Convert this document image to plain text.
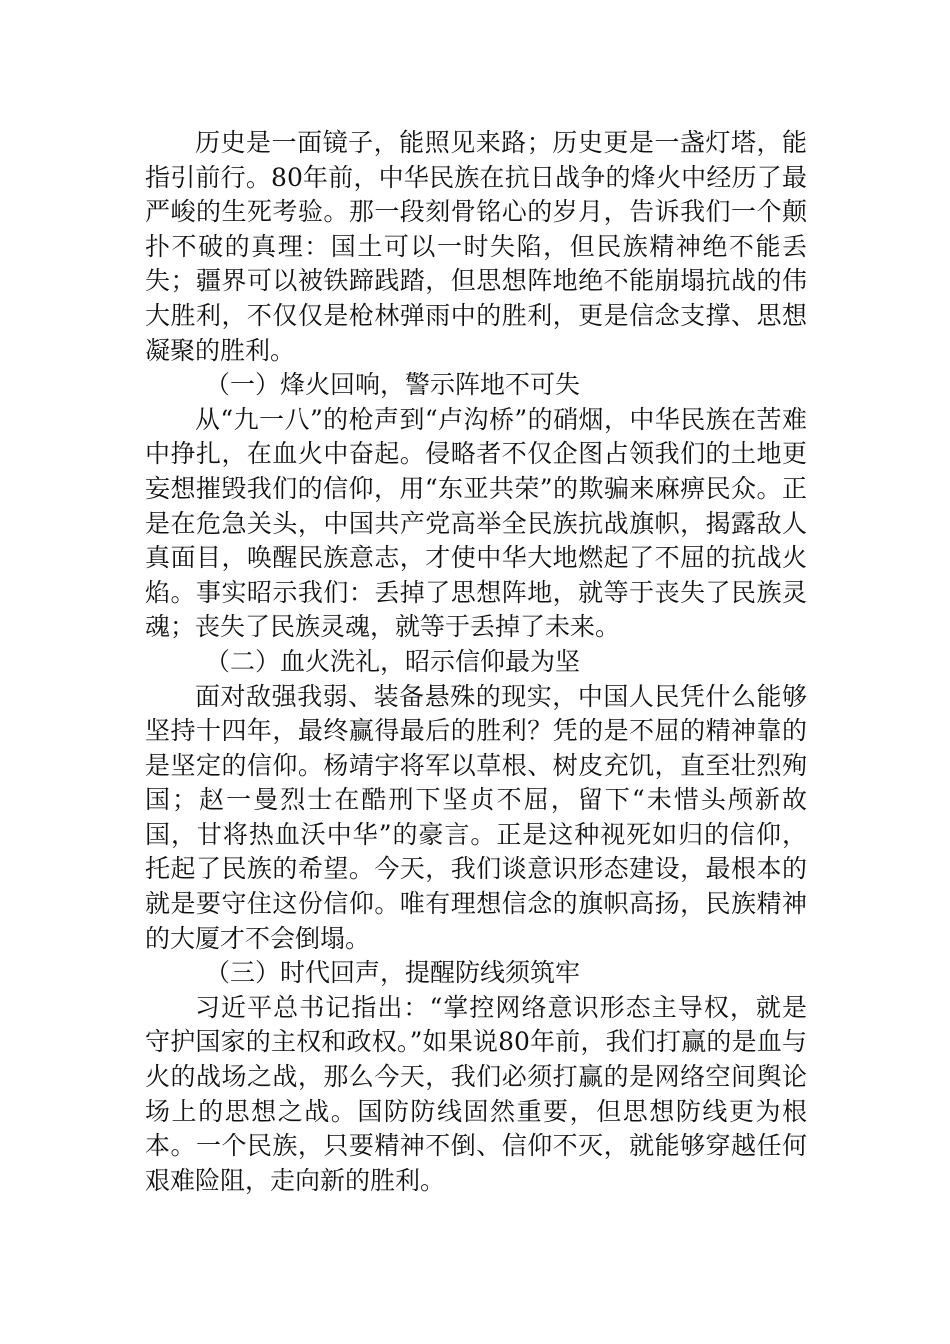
历史是一面镜子，能照见来路；历史更是一盏灯塔，能指引前行。80年前，中华民族在抗日战争的烽火中经历了最严峻的生死考验。那一段刻骨铭心的岁月，告诉我们一个颠扑不破的真理：国土可以一时失陷，但民族精神绝不能丢失；疆界可以被铁蹄践踏，但思想阵地绝不能崩塌抗战的伟大胜利，不仅仅是枪林弹雨中的胜利，更是信念支撑、思想凝聚的胜利。

（一）烽火回响，警示阵地不可失

从“九一八”的枪声到“卢沟桥”的硝烟，中华民族在苦难中挣扎，在血火中奋起。侵略者不仅企图占领我们的土地更妄想摧毁我们的信仰，用“东亚共荣”的欺骗来麻痹民众。正是在危急关头，中国共产党高举全民族抗战旗帜，揭露敌人真面目，唤醒民族意志，才使中华大地燃起了不屈的抗战火焰。事实昭示我们：丢掉了思想阵地，就等于丧失了民族灵魂；丧失了民族灵魂，就等于丢掉了未来。

（二）血火洗礼，昭示信仰最为坚

面对敌强我弱、装备悬殊的现实，中国人民凭什么能够坚持十四年，最终赢得最后的胜利？凭的是不屈的精神靠的是坚定的信仰。杨靖宇将军以草根、树皮充饥，直至壮烈殉国；赵一曼烈士在酷刑下坚贞不屈，留下“未惜头颅新故国，甘将热血沃中华”的豪言。正是这种视死如归的信仰，托起了民族的希望。今天，我们谈意识形态建设，最根本的就是要守住这份信仰。唯有理想信念的旗帜高扬，民族精神的大厦才不会倒塌。

（三）时代回声，提醒防线须筑牢

习近平总书记指出：“掌控网络意识形态主导权，就是守护国家的主权和政权。”如果说80年前，我们打赢的是血与火的战场之战，那么今天，我们必须打赢的是网络空间舆论场上的思想之战。国防防线固然重要，但思想防线更为根本。一个民族，只要精神不倒、信仰不灭，就能够穿越任何艰难险阻，走向新的胜利。
